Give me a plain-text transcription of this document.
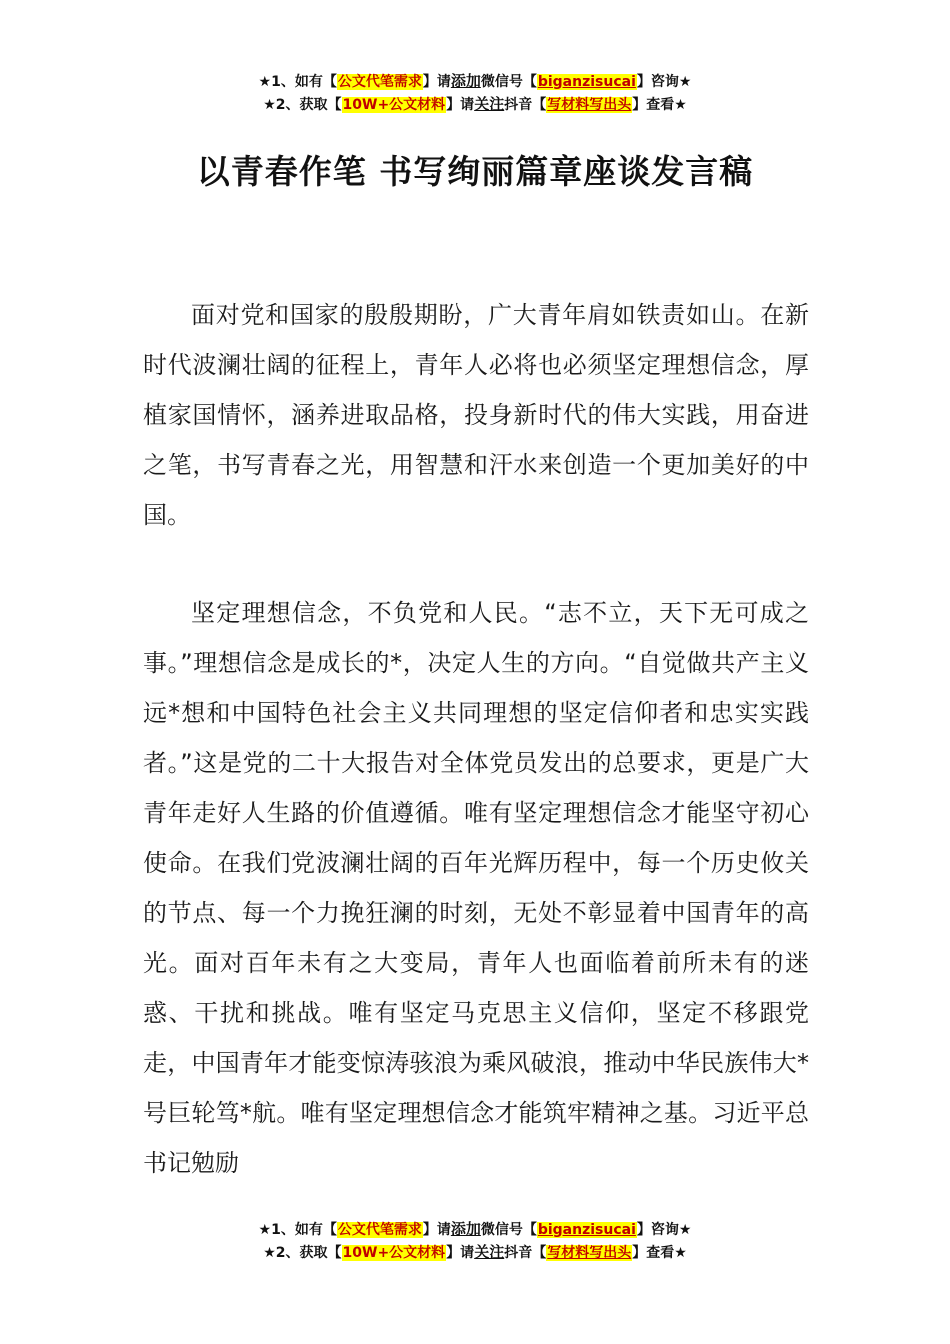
★1、如有【公文代笔需求】请添加微信号【biganzisucai】咨询★
★2、获取【10W+公文材料】请关注抖音【写材料写出头】查看★
以青春作笔 书写绚丽篇章座谈发言稿

面对党和国家的殷殷期盼，广大青年肩如铁责如山。在新时代波澜壮阔的征程上，青年人必将也必须坚定理想信念，厚植家国情怀，涵养进取品格，投身新时代的伟大实践，用奋进之笔，书写青春之光，用智慧和汗水来创造一个更加美好的中国。

坚定理想信念，不负党和人民。“志不立，天下无可成之事。”理想信念是成长的*，决定人生的方向。“自觉做共产主义远*想和中国特色社会主义共同理想的坚定信仰者和忠实实践者。”这是党的二十大报告对全体党员发出的总要求，更是广大青年走好人生路的价值遵循。唯有坚定理想信念才能坚守初心使命。在我们党波澜壮阔的百年光辉历程中，每一个历史攸关的节点、每一个力挽狂澜的时刻，无处不彰显着中国青年的高光。面对百年未有之大变局，青年人也面临着前所未有的迷惑、干扰和挑战。唯有坚定马克思主义信仰，坚定不移跟党走，中国青年才能变惊涛骇浪为乘风破浪，推动中华民族伟大*号巨轮笃*航。唯有坚定理想信念才能筑牢精神之基。习近平总书记勉励

★1、如有【公文代笔需求】请添加微信号【biganzisucai】咨询★
★2、获取【10W+公文材料】请关注抖音【写材料写出头】查看★
